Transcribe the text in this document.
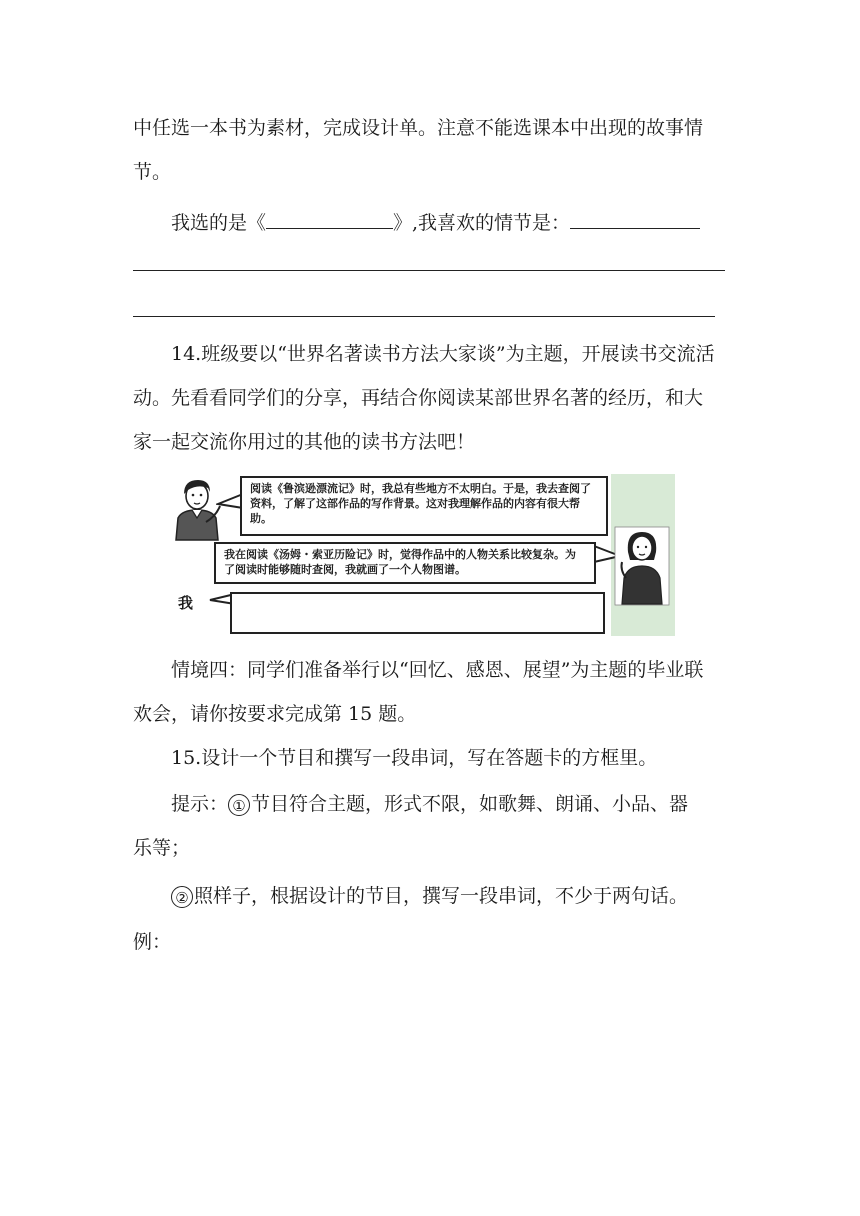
中任选一本书为素材，完成设计单。注意不能选课本中出现的故事情
节。
我选的是《	》,我喜欢的情节是：
14.班级要以“世界名著读书方法大家谈”为主题，开展读书交流活
动。先看看同学们的分享，再结合你阅读某部世界名著的经历，和大
家一起交流你用过的其他的读书方法吧！
阅读《鲁滨逊漂流记》时，我总有些地方不太明白。于是，我去查阅了资料，了解了这部作品的写作背景。这对我理解作品的内容有很大帮助。
我在阅读《汤姆・索亚历险记》时，觉得作品中的人物关系比较复杂。为了阅读时能够随时查阅，我就画了一个人物图谱。
我
情境四：同学们准备举行以“回忆、感恩、展望”为主题的毕业联
欢会，请你按要求完成第 15 题。
15.设计一个节目和撰写一段串词，写在答题卡的方框里。
提示： ① 节目符合主题，形式不限，如歌舞、朗诵、小品、器
乐等；
② 照样子，根据设计的节目，撰写一段串词，不少于两句话。
例：
